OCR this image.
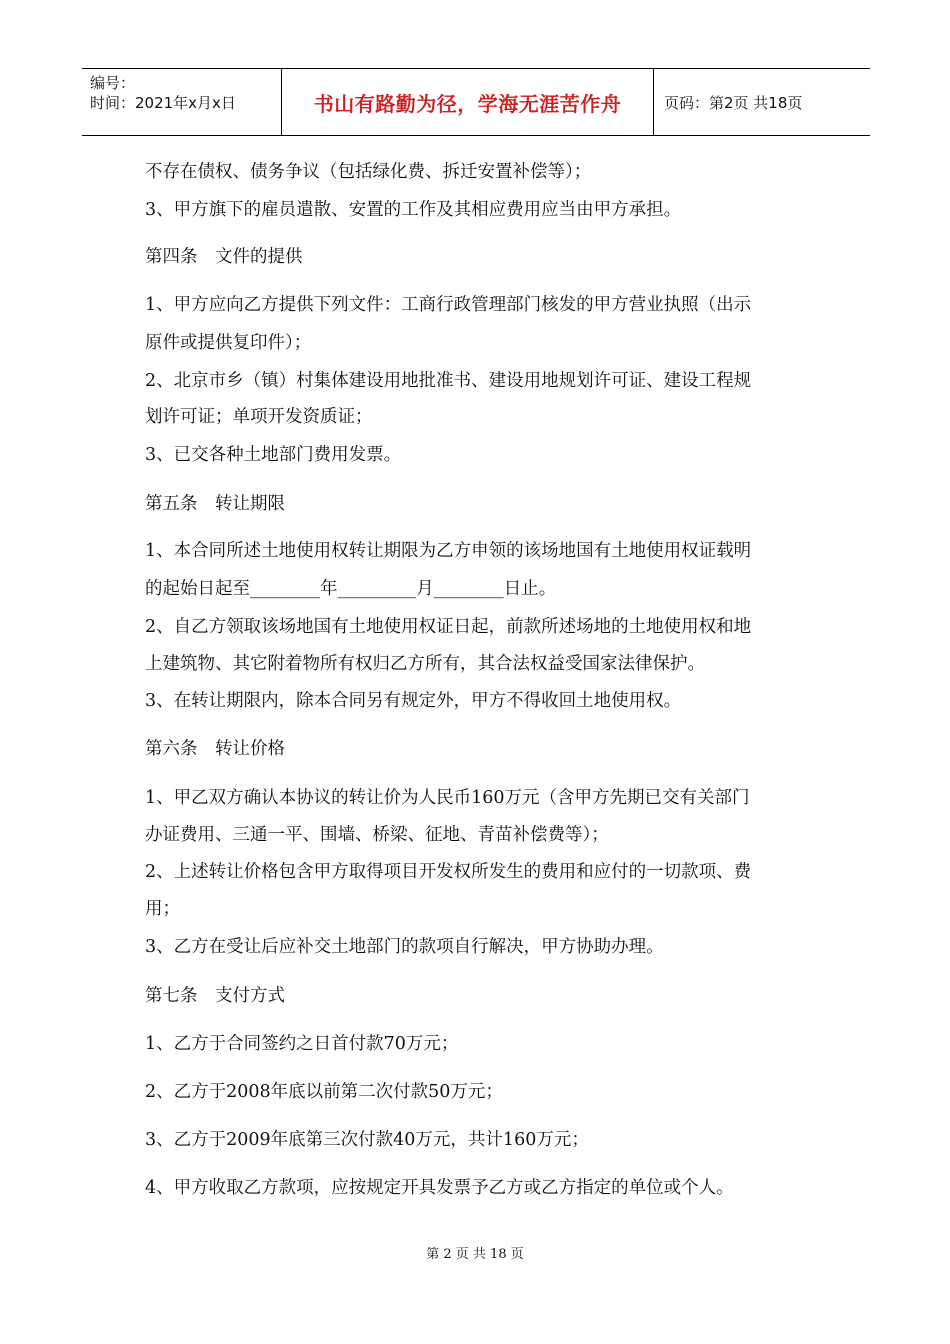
编号：
时间：2021年x月x日	书山有路勤为径，学海无涯苦作舟	页码：第2页 共18页
不存在债权、债务争议（包括绿化费、拆迁安置补偿等）；
3、甲方旗下的雇员遣散、安置的工作及其相应费用应当由甲方承担。
第四条　文件的提供
1、甲方应向乙方提供下列文件：工商行政管理部门核发的甲方营业执照（出示
原件或提供复印件）；
2、北京市乡（镇）村集体建设用地批准书、建设用地规划许可证、建设工程规
划许可证；单项开发资质证；
3、已交各种土地部门费用发票。
第五条　转让期限
1、本合同所述土地使用权转让期限为乙方申领的该场地国有土地使用权证载明
的起始日起至________年_________月________日止。
2、自乙方领取该场地国有土地使用权证日起，前款所述场地的土地使用权和地
上建筑物、其它附着物所有权归乙方所有，其合法权益受国家法律保护。
3、在转让期限内，除本合同另有规定外，甲方不得收回土地使用权。
第六条　转让价格
1、甲乙双方确认本协议的转让价为人民币160万元（含甲方先期已交有关部门
办证费用、三通一平、围墙、桥梁、征地、青苗补偿费等）；
2、上述转让价格包含甲方取得项目开发权所发生的费用和应付的一切款项、费
用；
3、乙方在受让后应补交土地部门的款项自行解决，甲方协助办理。
第七条　支付方式
1、乙方于合同签约之日首付款70万元；
2、乙方于2008年底以前第二次付款50万元；
3、乙方于2009年底第三次付款40万元，共计160万元；
4、甲方收取乙方款项，应按规定开具发票予乙方或乙方指定的单位或个人。
第 2 页 共 18 页
